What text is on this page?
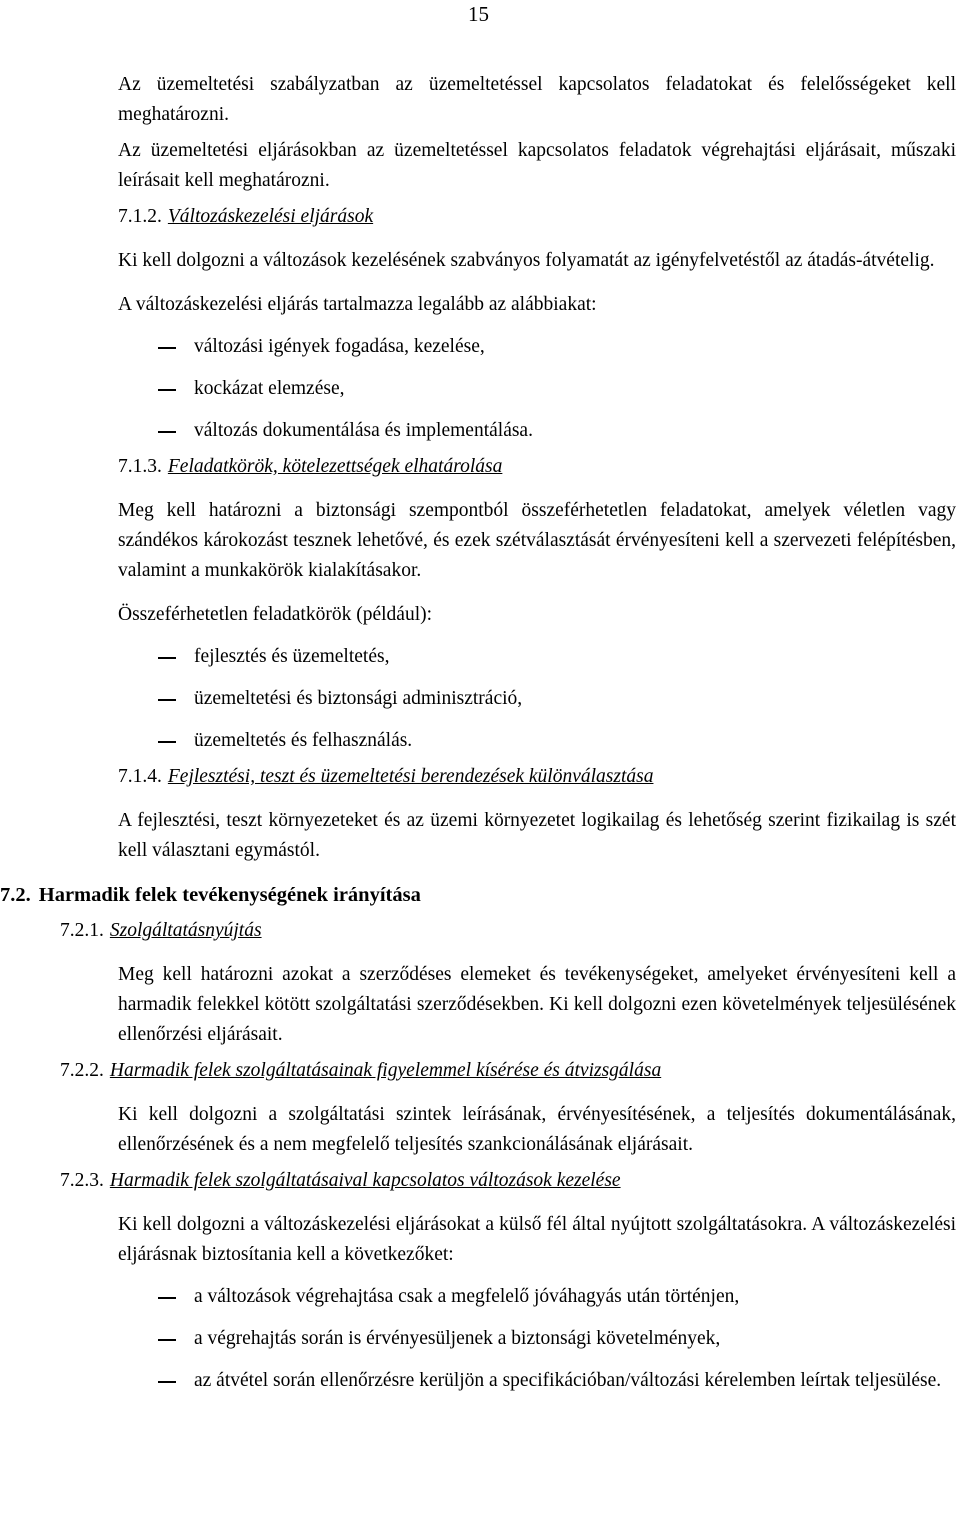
15

Az üzemeltetési szabályzatban az üzemeltetéssel kapcsolatos feladatokat és felelősségeket kell meghatározni.

Az üzemeltetési eljárásokban az üzemeltetéssel kapcsolatos feladatok végrehajtási eljárásait, műszaki leírásait kell meghatározni.

7.1.2. Változáskezelési eljárások

Ki kell dolgozni a változások kezelésének szabványos folyamatát az igényfelvetéstől az átadás-átvételig.

A változáskezelési eljárás tartalmazza legalább az alábbiakat:

változási igények fogadása, kezelése,
kockázat elemzése,
változás dokumentálása és implementálása.

7.1.3. Feladatkörök, kötelezettségek elhatárolása

Meg kell határozni a biztonsági szempontból összeférhetetlen feladatokat, amelyek véletlen vagy szándékos károkozást tesznek lehetővé, és ezek szétválasztását érvényesíteni kell a szervezeti felépítésben, valamint a munkakörök kialakításakor.

Összeférhetetlen feladatkörök (például):

fejlesztés és üzemeltetés,
üzemeltetési és biztonsági adminisztráció,
üzemeltetés és felhasználás.

7.1.4. Fejlesztési, teszt és üzemeltetési berendezések különválasztása

A fejlesztési, teszt környezeteket és az üzemi környezetet logikailag és lehetőség szerint fizikailag is szét kell választani egymástól.

7.2. Harmadik felek tevékenységének irányítása

7.2.1. Szolgáltatásnyújtás

Meg kell határozni azokat a szerződéses elemeket és tevékenységeket, amelyeket érvényesíteni kell a harmadik felekkel kötött szolgáltatási szerződésekben. Ki kell dolgozni ezen követelmények teljesülésének ellenőrzési eljárásait.

7.2.2. Harmadik felek szolgáltatásainak figyelemmel kísérése és átvizsgálása

Ki kell dolgozni a szolgáltatási szintek leírásának, érvényesítésének, a teljesítés dokumentálásának, ellenőrzésének és a nem megfelelő teljesítés szankcionálásának eljárásait.

7.2.3. Harmadik felek szolgáltatásaival kapcsolatos változások kezelése

Ki kell dolgozni a változáskezelési eljárásokat a külső fél által nyújtott szolgáltatásokra. A változáskezelési eljárásnak biztosítania kell a következőket:

a változások végrehajtása csak a megfelelő jóváhagyás után történjen,
a végrehajtás során is érvényesüljenek a biztonsági követelmények,
az átvétel során ellenőrzésre kerüljön a specifikációban/változási kérelemben leírtak teljesülése.
